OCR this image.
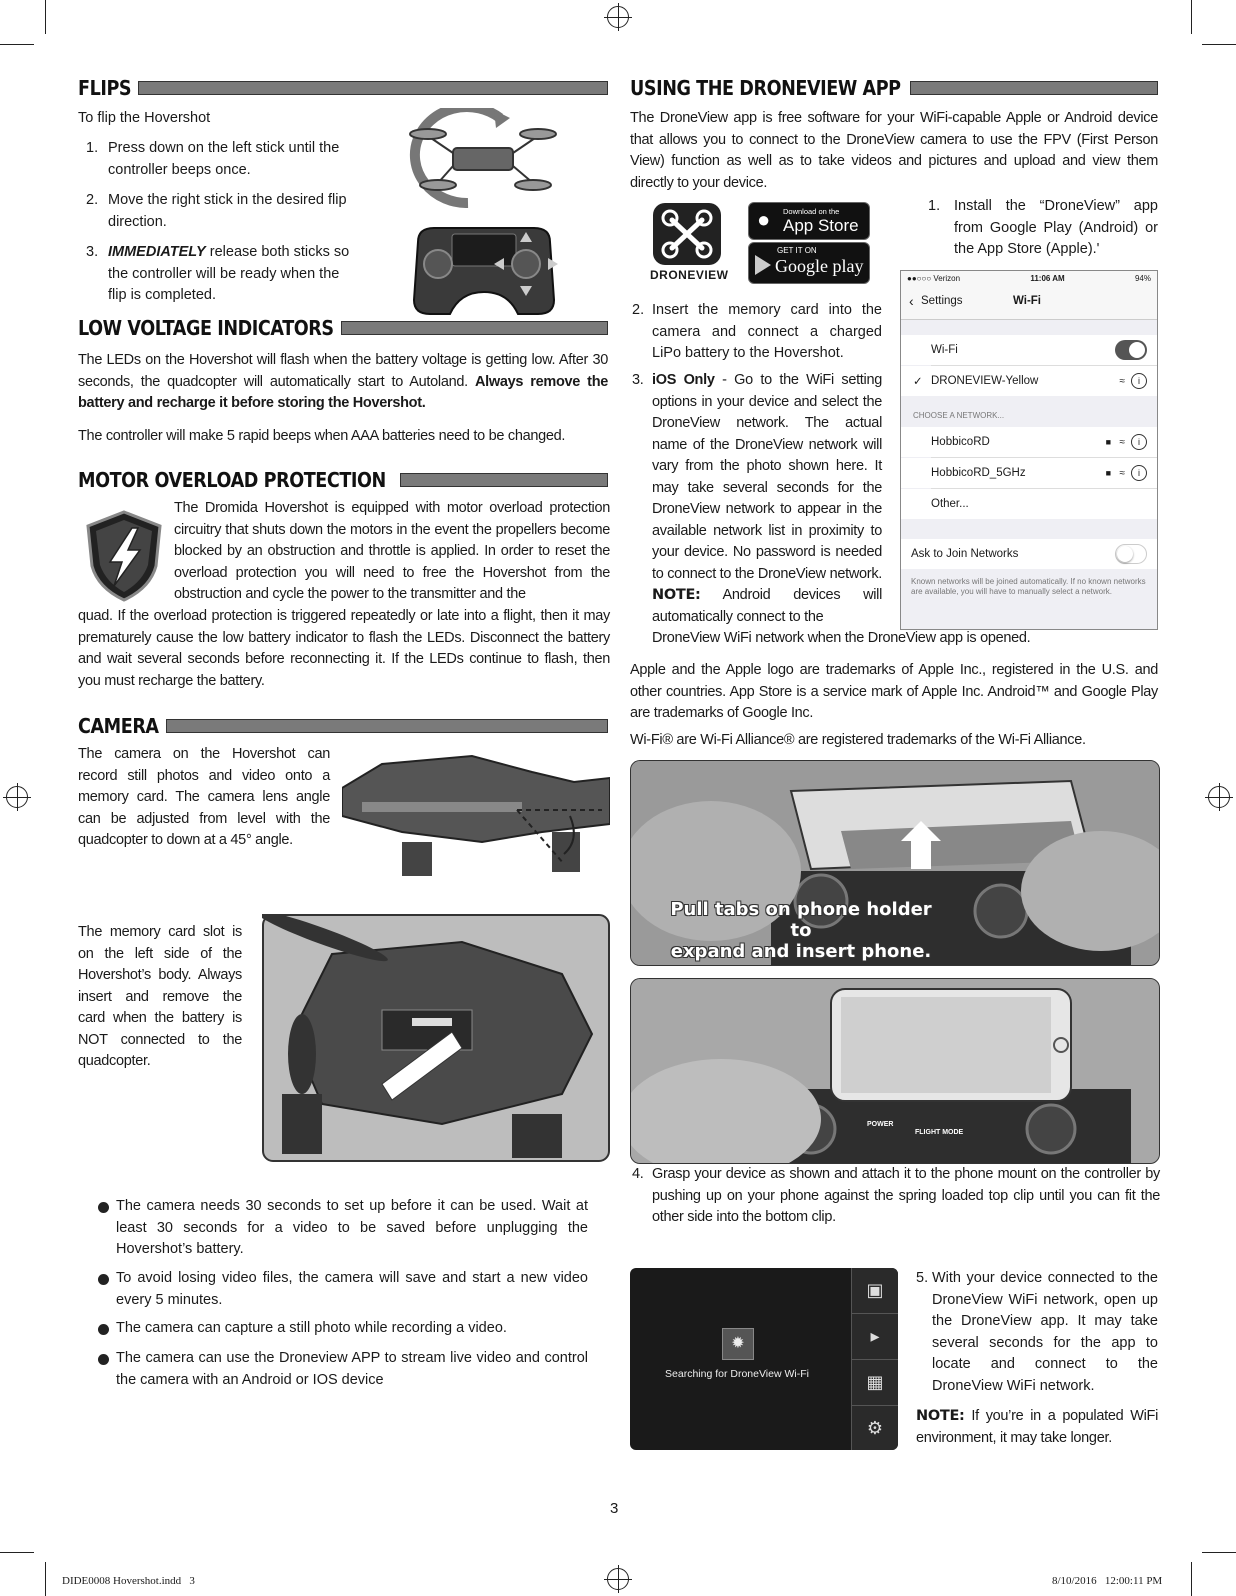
FLIPS
To flip the Hovershot
1. Press down on the left stick until the controller beeps once.
2. Move the right stick in the desired flip direction.
3. IMMEDIATELY release both sticks so the controller will be ready when the flip is completed.
LOW VOLTAGE INDICATORS
The LEDs on the Hovershot will flash when the battery voltage is getting low. After 30 seconds, the quadcopter will automatically start to Autoland. Always remove the battery and recharge it before storing the Hovershot.
The controller will make 5 rapid beeps when AAA batteries need to be changed.
MOTOR OVERLOAD PROTECTION
The Dromida Hovershot is equipped with motor overload protection circuitry that shuts down the motors in the event the propellers become blocked by an obstruction and throttle is applied. In order to reset the overload protection you will need to free the Hovershot from the obstruction and cycle the power to the transmitter and the
quad. If the overload protection is triggered repeatedly or late into a flight, then it may prematurely cause the low battery indicator to flash the LEDs. Disconnect the battery and wait several seconds before reconnecting it. If the LEDs continue to flash, then you must recharge the battery.
CAMERA
The camera on the Hovershot can record still photos and video onto a memory card. The camera lens angle can be adjusted from level with the quadcopter to down at a 45° angle.
The memory card slot is on the left side of the Hovershot’s body. Always insert and remove the card when the battery is NOT connected to the quadcopter.
The camera needs 30 seconds to set up before it can be used. Wait at least 30 seconds for a video to be saved before unplugging the Hovershot’s battery.
To avoid losing video files, the camera will save and start a new video every 5 minutes.
The camera can capture a still photo while recording a video.
The camera can use the Droneview APP to stream live video and control the camera with an Android or IOS device
USING THE DRONEVIEW APP
The DroneView app is free software for your WiFi-capable Apple or Android device that allows you to connect to the DroneView camera to use the FPV (First Person View) function as well as to take videos and pictures and upload and view them directly to your device.
DRONEVIEW
● Download on the
App Store
GET IT ON
Google play
1. Install the “DroneView” app from Google Play (Android) or the App Store (Apple).'
●●○○○ Verizon	11:06 AM	94%
‹ Settings	Wi-Fi
Wi-Fi
✓ DRONEVIEW-Yellow	≈	i
CHOOSE A NETWORK...
HobbicoRD	■ ≈	i
HobbicoRD_5GHz	■ ≈	i
Other...
Ask to Join Networks
Known networks will be joined automatically. If no known networks are available, you will have to manually select a network.
2. Insert the memory card into the camera and connect a charged LiPo battery to the Hovershot.
3. iOS Only - Go to the WiFi setting options in your device and select the DroneView network. The actual name of the DroneView network will vary from the photo shown here. It may take several seconds for the DroneView network to appear in the available network list in proximity to your device. No password is needed to connect to the DroneView network. NOTE: Android devices will automatically connect to the
DroneView WiFi network when the DroneView app is opened.
Apple and the Apple logo are trademarks of Apple Inc., registered in the U.S. and other countries. App Store is a service mark of Apple Inc. Android™ and Google Play are trademarks of Google Inc.
Wi-Fi® are Wi-Fi Alliance® are registered trademarks of the Wi-Fi Alliance.
Pull tabs on phone holder to
expand and insert phone.
POWER
FLIGHT MODE
4. Grasp your device as shown and attach it to the phone mount on the controller by pushing up on your phone against the spring loaded top clip until you can fit the other side into the bottom clip.
✹
Searching for DroneView Wi-Fi
▣
▸
▦
⚙
5. With your device connected to the DroneView WiFi network, open up the DroneView app. It may take several seconds for the app to locate and connect to the DroneView WiFi network.
NOTE: If you’re in a populated WiFi environment, it may take longer.
3
DIDE0008 Hovershot.indd   3	8/10/2016   12:00:11 PM
